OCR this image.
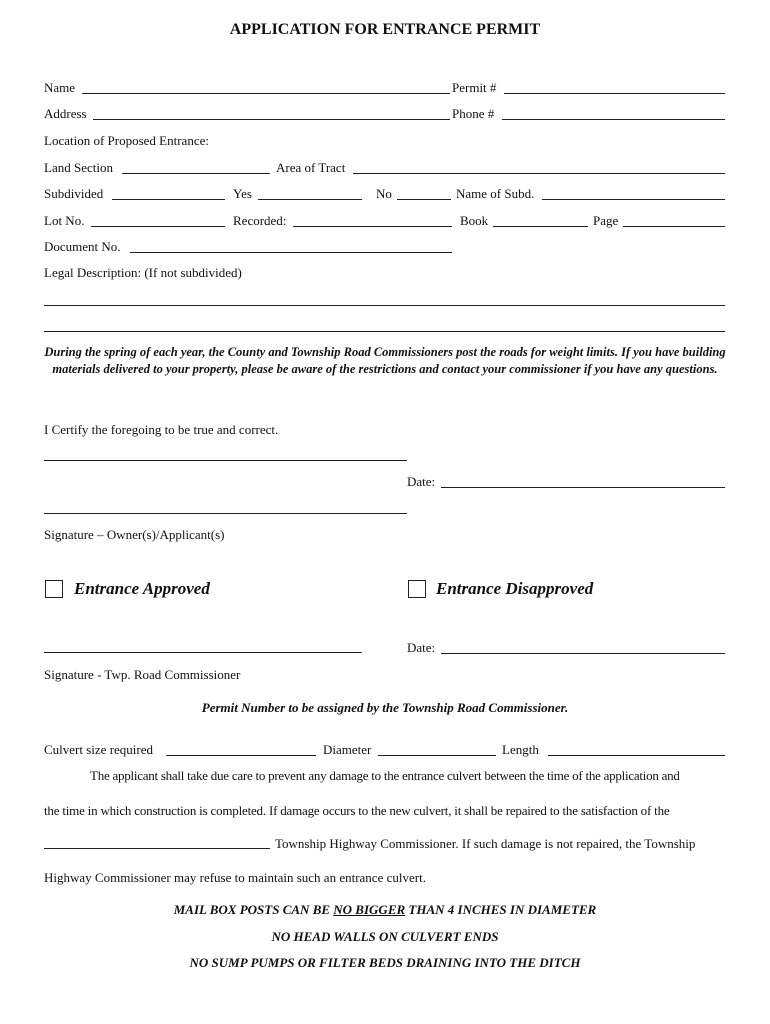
APPLICATION FOR ENTRANCE PERMIT
Name	Permit #
Address	Phone #
Location of Proposed Entrance:
Land Section	Area of Tract
Subdivided	Yes	No	Name of Subd.
Lot No.	Recorded:	Book	Page
Document No.
Legal Description: (If not subdivided)
During the spring of each year, the County and Township Road Commissioners post the roads for weight limits. If you have building materials delivered to your property, please be aware of the restrictions and contact your commissioner if you have any questions.
I Certify the foregoing to be true and correct.
Date:
Signature – Owner(s)/Applicant(s)
Entrance Approved	Entrance Disapproved
Date:
Signature - Twp. Road Commissioner
Permit Number to be assigned by the Township Road Commissioner.
Culvert size required	Diameter	Length
The applicant shall take due care to prevent any damage to the entrance culvert between the time of the application and
the time in which construction is completed. If damage occurs to the new culvert, it shall be repaired to the satisfaction of the
Township Highway Commissioner. If such damage is not repaired, the Township
Highway Commissioner may refuse to maintain such an entrance culvert.
MAIL BOX POSTS CAN BE NO BIGGER THAN 4 INCHES IN DIAMETER
NO HEAD WALLS ON CULVERT ENDS
NO SUMP PUMPS OR FILTER BEDS DRAINING INTO THE DITCH
